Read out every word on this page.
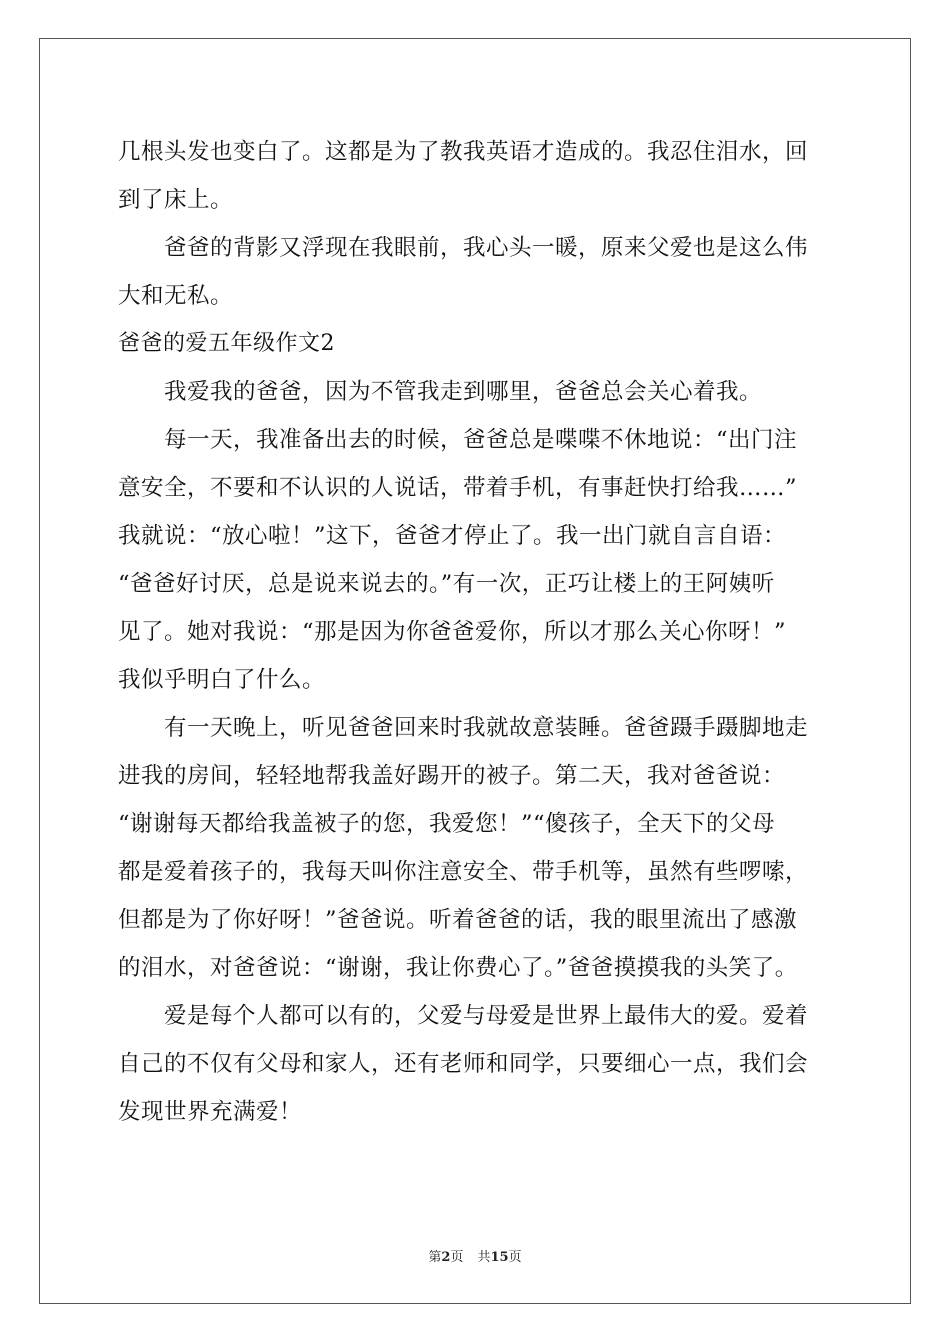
几根头发也变白了。这都是为了教我英语才造成的。我忍住泪水，回
到了床上。
爸爸的背影又浮现在我眼前，我心头一暖，原来父爱也是这么伟
大和无私。
爸爸的爱五年级作文2
我爱我的爸爸，因为不管我走到哪里，爸爸总会关心着我。
每一天，我准备出去的时候，爸爸总是喋喋不休地说：“出门注
意安全，不要和不认识的人说话，带着手机，有事赶快打给我……”
我就说：“放心啦！”这下，爸爸才停止了。我一出门就自言自语：
“爸爸好讨厌，总是说来说去的。”有一次，正巧让楼上的王阿姨听
见了。她对我说：“那是因为你爸爸爱你，所以才那么关心你呀！”
我似乎明白了什么。
有一天晚上，听见爸爸回来时我就故意装睡。爸爸蹑手蹑脚地走
进我的房间，轻轻地帮我盖好踢开的被子。第二天，我对爸爸说：
“谢谢每天都给我盖被子的您，我爱您！”“傻孩子，全天下的父母
都是爱着孩子的，我每天叫你注意安全、带手机等，虽然有些啰嗦，
但都是为了你好呀！”爸爸说。听着爸爸的话，我的眼里流出了感激
的泪水，对爸爸说：“谢谢，我让你费心了。”爸爸摸摸我的头笑了。
爱是每个人都可以有的，父爱与母爱是世界上最伟大的爱。爱着
自己的不仅有父母和家人，还有老师和同学，只要细心一点，我们会
发现世界充满爱！
第2页 共15页
